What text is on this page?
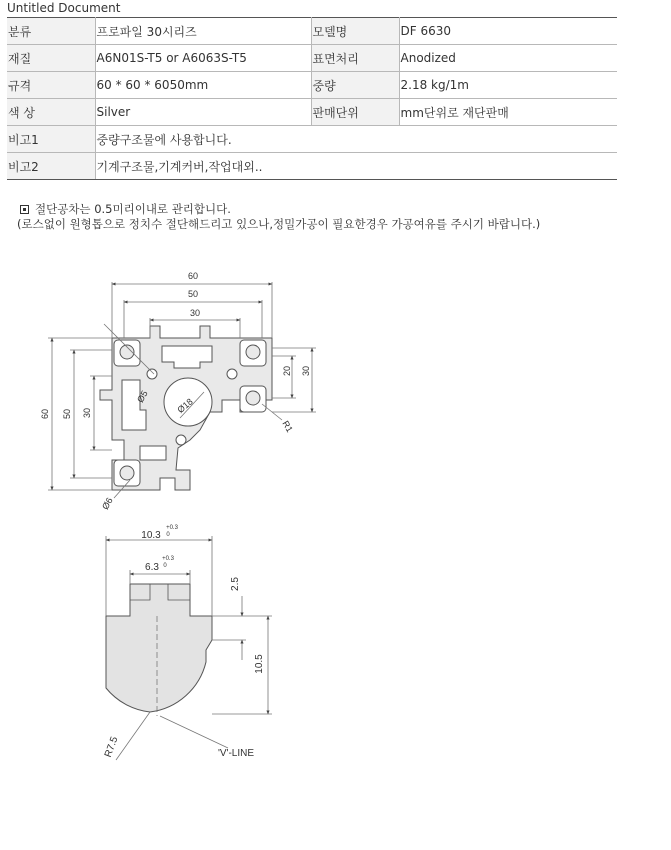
Untitled Document
분류	프로파일 30시리즈	모델명	DF 6630
재질	A6N01S-T5 or A6063S-T5	표면처리	Anodized
규격	60 * 60 * 6050mm	중량	2.18 kg/1m
색 상	Silver	판매단위	mm단위로 재단판매
비고1	중량구조물에 사용합니다.		
비고2	기계구조물,기계커버,작업대외..		
절단공차는 0.5미리이내로 관리합니다.
(로스없이 원형톱으로 정치수 절단해드리고 있으나,정밀가공이 필요한경우 가공여유를 주시기 바랍니다.)
60
50
30
60 50 30
20 30
Ø5	Ø18
Ø6
R1
10.3
+0.3
0
6.3
+0.3
0
2.5
10.5
R7.5	'V'-LINE
